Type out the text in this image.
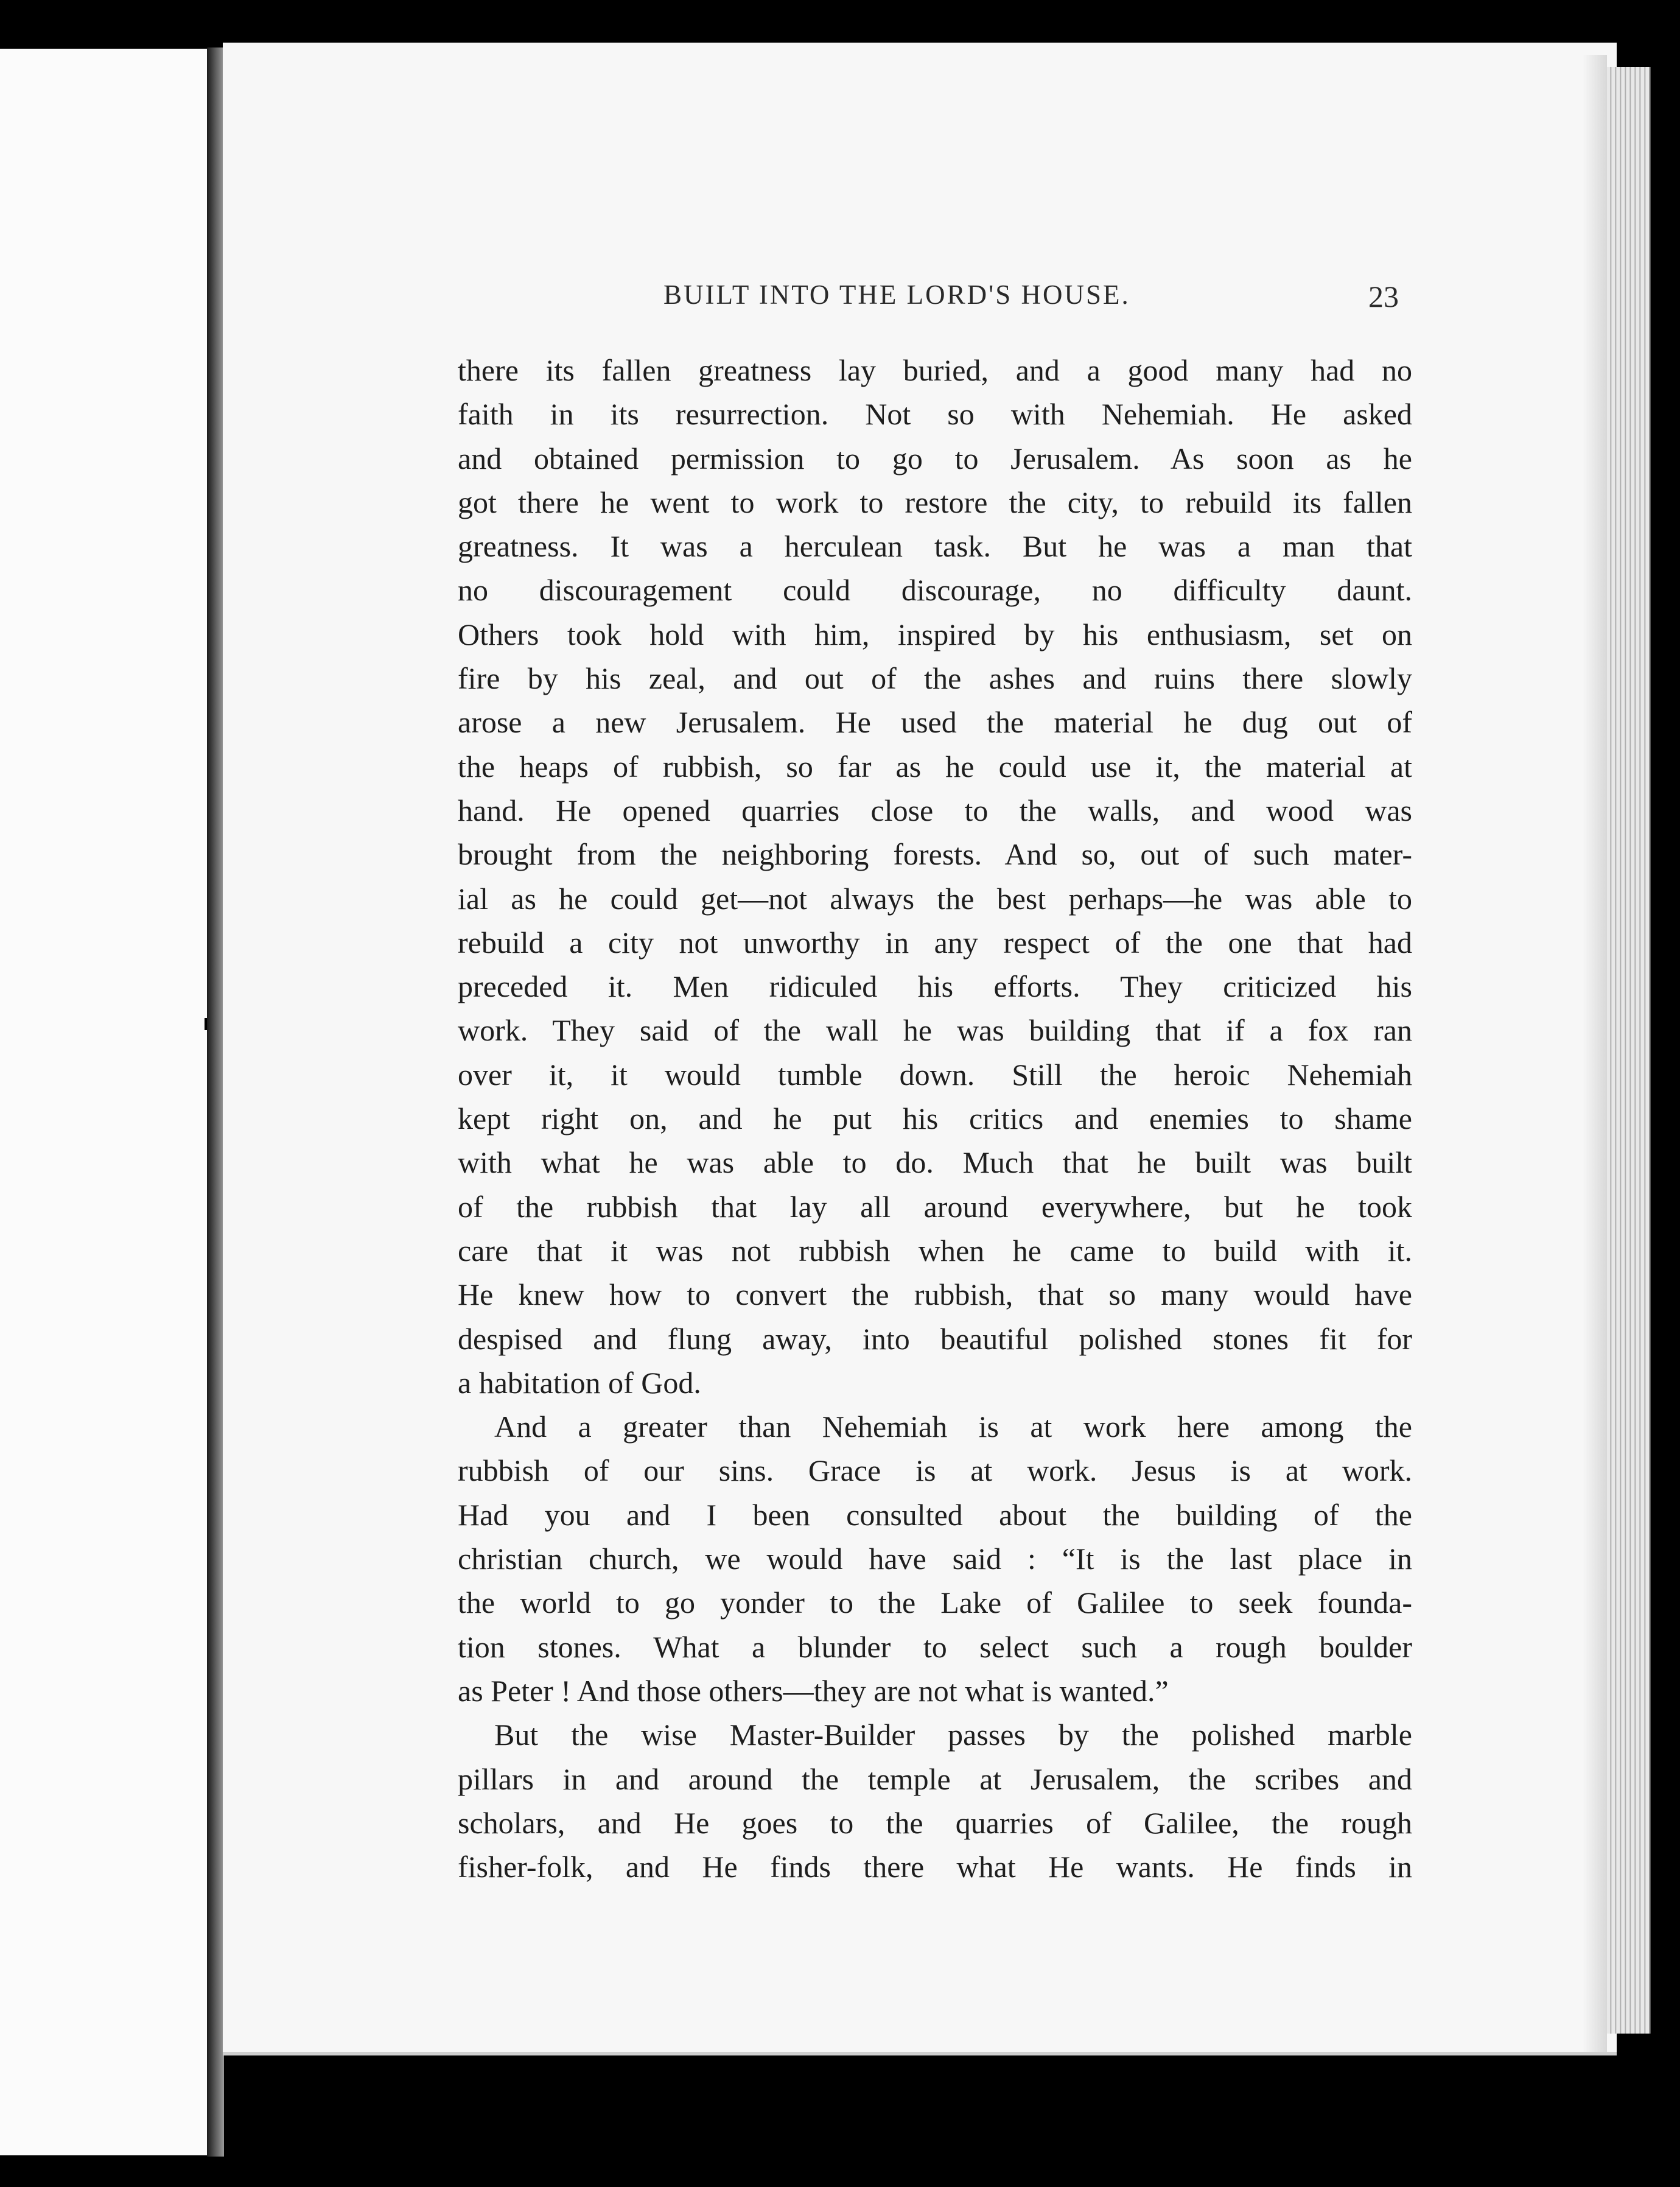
BUILT INTO THE LORD'S HOUSE.	23
there its fallen greatness lay buried, and a good many had no
faith in its resurrection. Not so with Nehemiah. He asked
and obtained permission to go to Jerusalem. As soon as he
got there he went to work to restore the city, to rebuild its fallen
greatness. It was a herculean task. But he was a man that
no discouragement could discourage, no difficulty daunt.
Others took hold with him, inspired by his enthusiasm, set on
fire by his zeal, and out of the ashes and ruins there slowly
arose a new Jerusalem. He used the material he dug out of
the heaps of rubbish, so far as he could use it, the material at
hand. He opened quarries close to the walls, and wood was
brought from the neighboring forests. And so, out of such mater-
ial as he could get—not always the best perhaps—he was able to
rebuild a city not unworthy in any respect of the one that had
preceded it. Men ridiculed his efforts. They criticized his
work. They said of the wall he was building that if a fox ran
over it, it would tumble down. Still the heroic Nehemiah
kept right on, and he put his critics and enemies to shame
with what he was able to do. Much that he built was built
of the rubbish that lay all around everywhere, but he took
care that it was not rubbish when he came to build with it.
He knew how to convert the rubbish, that so many would have
despised and flung away, into beautiful polished stones fit for
a habitation of God.
And a greater than Nehemiah is at work here among the
rubbish of our sins. Grace is at work. Jesus is at work.
Had you and I been consulted about the building of the
christian church, we would have said : “It is the last place in
the world to go yonder to the Lake of Galilee to seek founda-
tion stones. What a blunder to select such a rough boulder
as Peter ! And those others—they are not what is wanted.”
But the wise Master-Builder passes by the polished marble
pillars in and around the temple at Jerusalem, the scribes and
scholars, and He goes to the quarries of Galilee, the rough
fisher-folk, and He finds there what He wants. He finds in
